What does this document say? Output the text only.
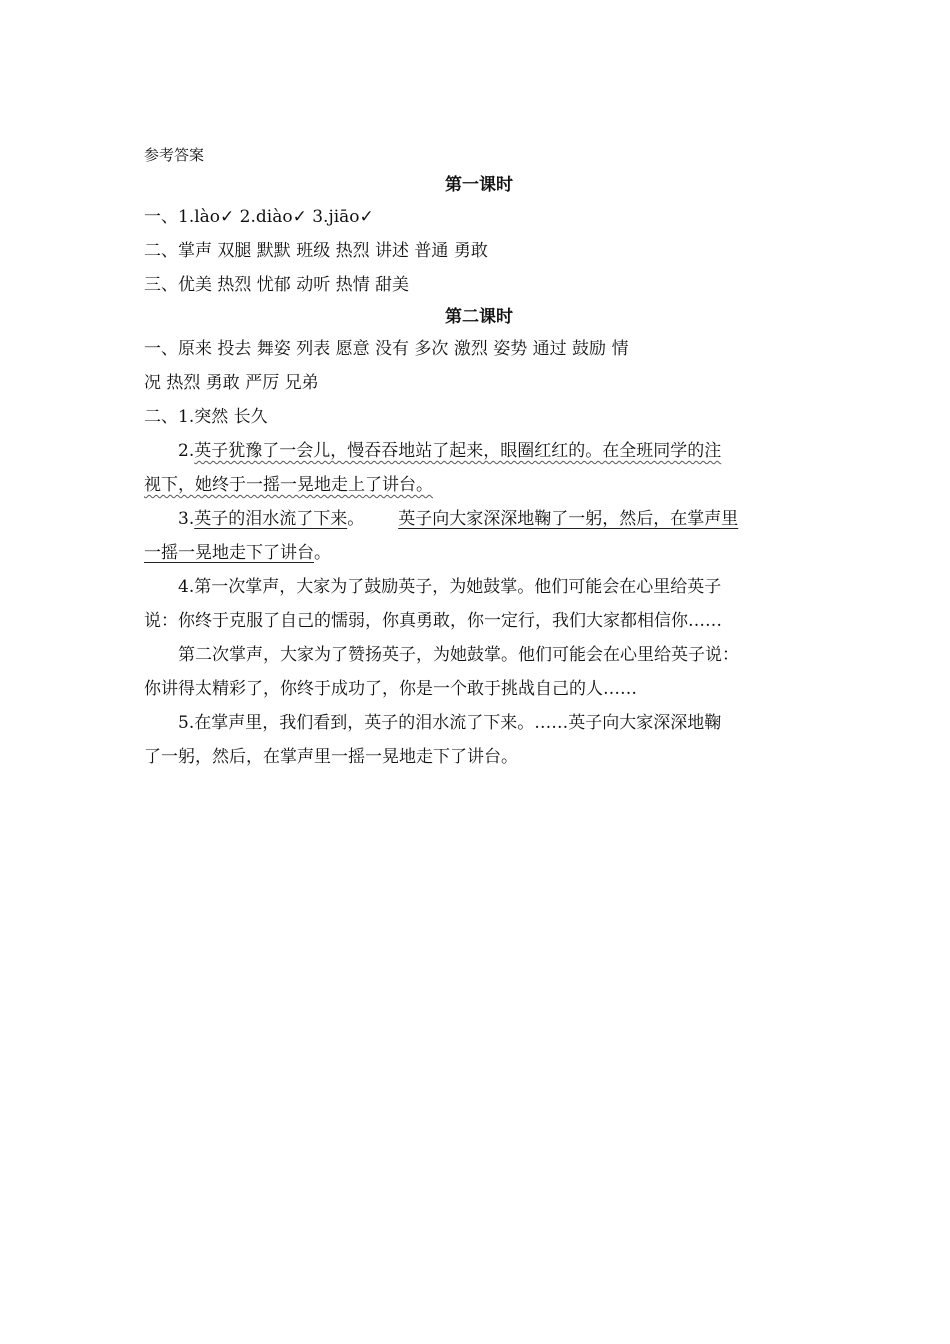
参考答案
第一课时
一、1.lào✓ 2.diào✓ 3.jiāo✓
二、掌声 双腿 默默 班级 热烈 讲述 普通 勇敢
三、优美 热烈 忧郁 动听 热情 甜美
第二课时
一、原来 投去 舞姿 列表 愿意 没有 多次 激烈 姿势 通过 鼓励 情
况 热烈 勇敢 严厉 兄弟
二、1.突然 长久
2.英子犹豫了一会儿，慢吞吞地站了起来，眼圈红红的。在全班同学的注
视下，她终于一摇一晃地走上了讲台。
3.英子的泪水流了下来。 英子向大家深深地鞠了一躬，然后，在掌声里
一摇一晃地走下了讲台。
4.第一次掌声，大家为了鼓励英子，为她鼓掌。他们可能会在心里给英子
说：你终于克服了自己的懦弱，你真勇敢，你一定行，我们大家都相信你……
第二次掌声，大家为了赞扬英子，为她鼓掌。他们可能会在心里给英子说：
你讲得太精彩了，你终于成功了，你是一个敢于挑战自己的人……
5.在掌声里，我们看到，英子的泪水流了下来。……英子向大家深深地鞠
了一躬，然后，在掌声里一摇一晃地走下了讲台。
